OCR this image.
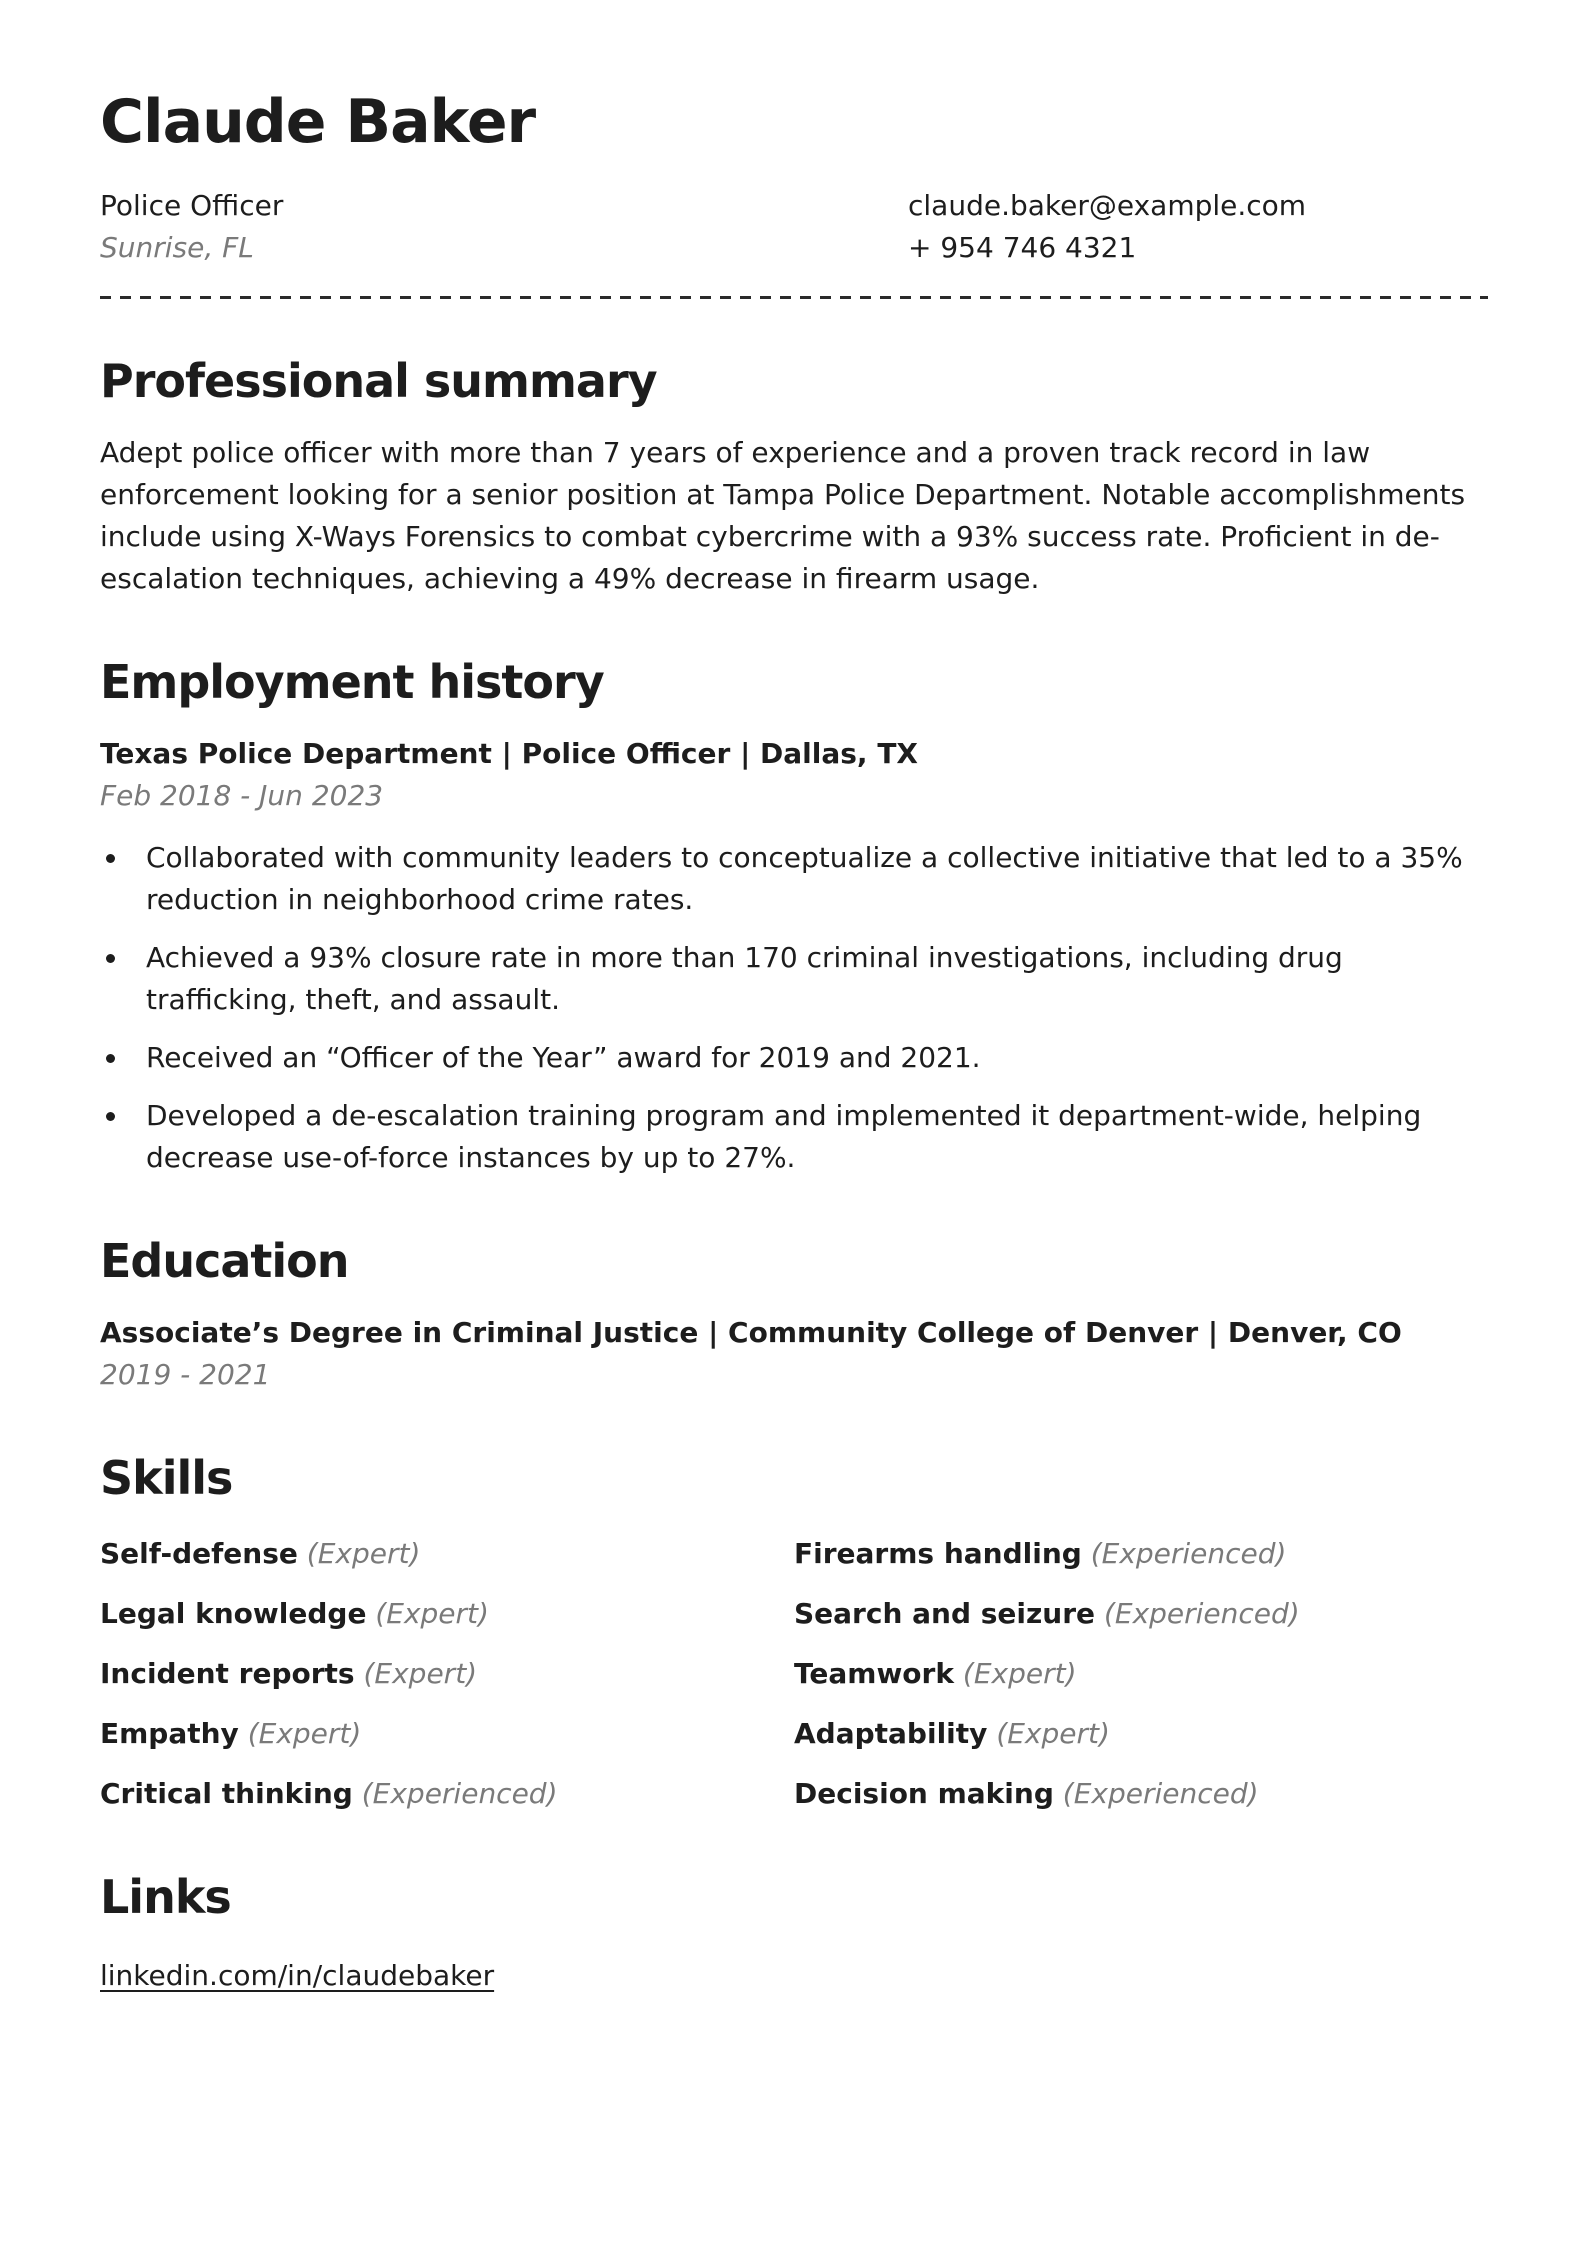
Claude Baker
Police Officer	claude.baker@example.com
Sunrise, FL	+ 954 746 4321
Professional summary

Adept police officer with more than 7 years of experience and a proven track record in law enforcement looking for a senior position at Tampa Police Department. Notable accomplishments include using X-Ways Forensics to combat cybercrime with a 93% success rate. Proficient in de-escalation techniques, achieving a 49% decrease in firearm usage.

Employment history
Texas Police Department | Police Officer | Dallas, TX
Feb 2018 - Jun 2023
Collaborated with community leaders to conceptualize a collective initiative that led to a 35% reduction in neighborhood crime rates.
Achieved a 93% closure rate in more than 170 criminal investigations, including drug trafficking, theft, and assault.
Received an “Officer of the Year” award for 2019 and 2021.
Developed a de-escalation training program and implemented it department-wide, helping decrease use-of-force instances by up to 27%.
Education
Associate’s Degree in Criminal Justice | Community College of Denver | Denver, CO
2019 - 2021
Skills
Self-defense (Expert)
Legal knowledge (Expert)
Incident reports (Expert)
Empathy (Expert)
Critical thinking (Experienced)
Firearms handling (Experienced)
Search and seizure (Experienced)
Teamwork (Expert)
Adaptability (Expert)
Decision making (Experienced)
Links
linkedin.com/in/claudebaker
